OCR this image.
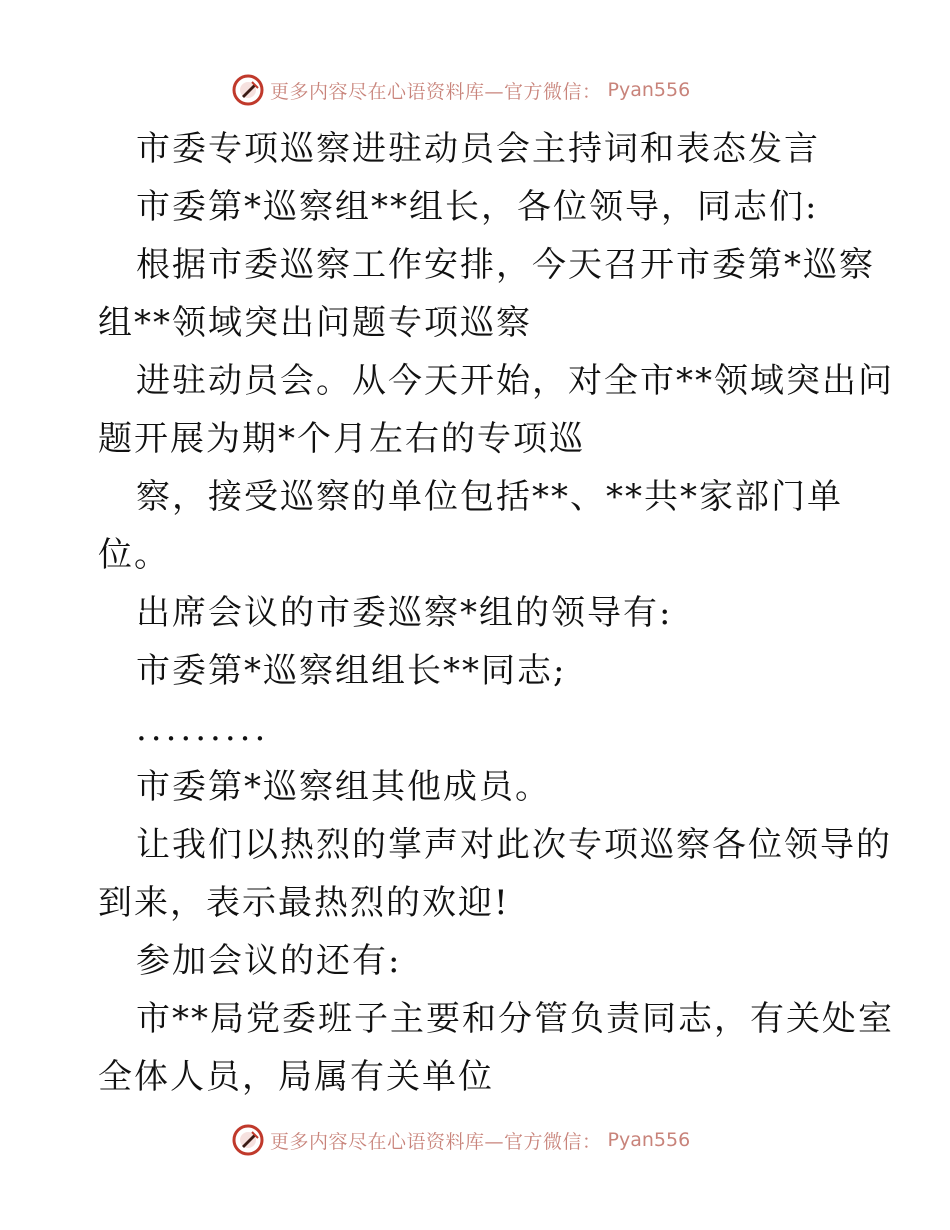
更多内容尽在心语资料库—官方微信： Pyan556
市委专项巡察进驻动员会主持词和表态发言
市委第*巡察组**组长，各位领导，同志们:
根据市委巡察工作安排，今天召开市委第*巡察
组**领域突出问题专项巡察
进驻动员会。从今天开始，对全市**领域突出问
题开展为期*个月左右的专项巡
察，接受巡察的单位包括**、**共*家部门单
位。
出席会议的市委巡察*组的领导有:
市委第*巡察组组长**同志;
.........
市委第*巡察组其他成员。
让我们以热烈的掌声对此次专项巡察各位领导的
到来，表示最热烈的欢迎!
参加会议的还有:
市**局党委班子主要和分管负责同志，有关处室
全体人员，局属有关单位
更多内容尽在心语资料库—官方微信： Pyan556
